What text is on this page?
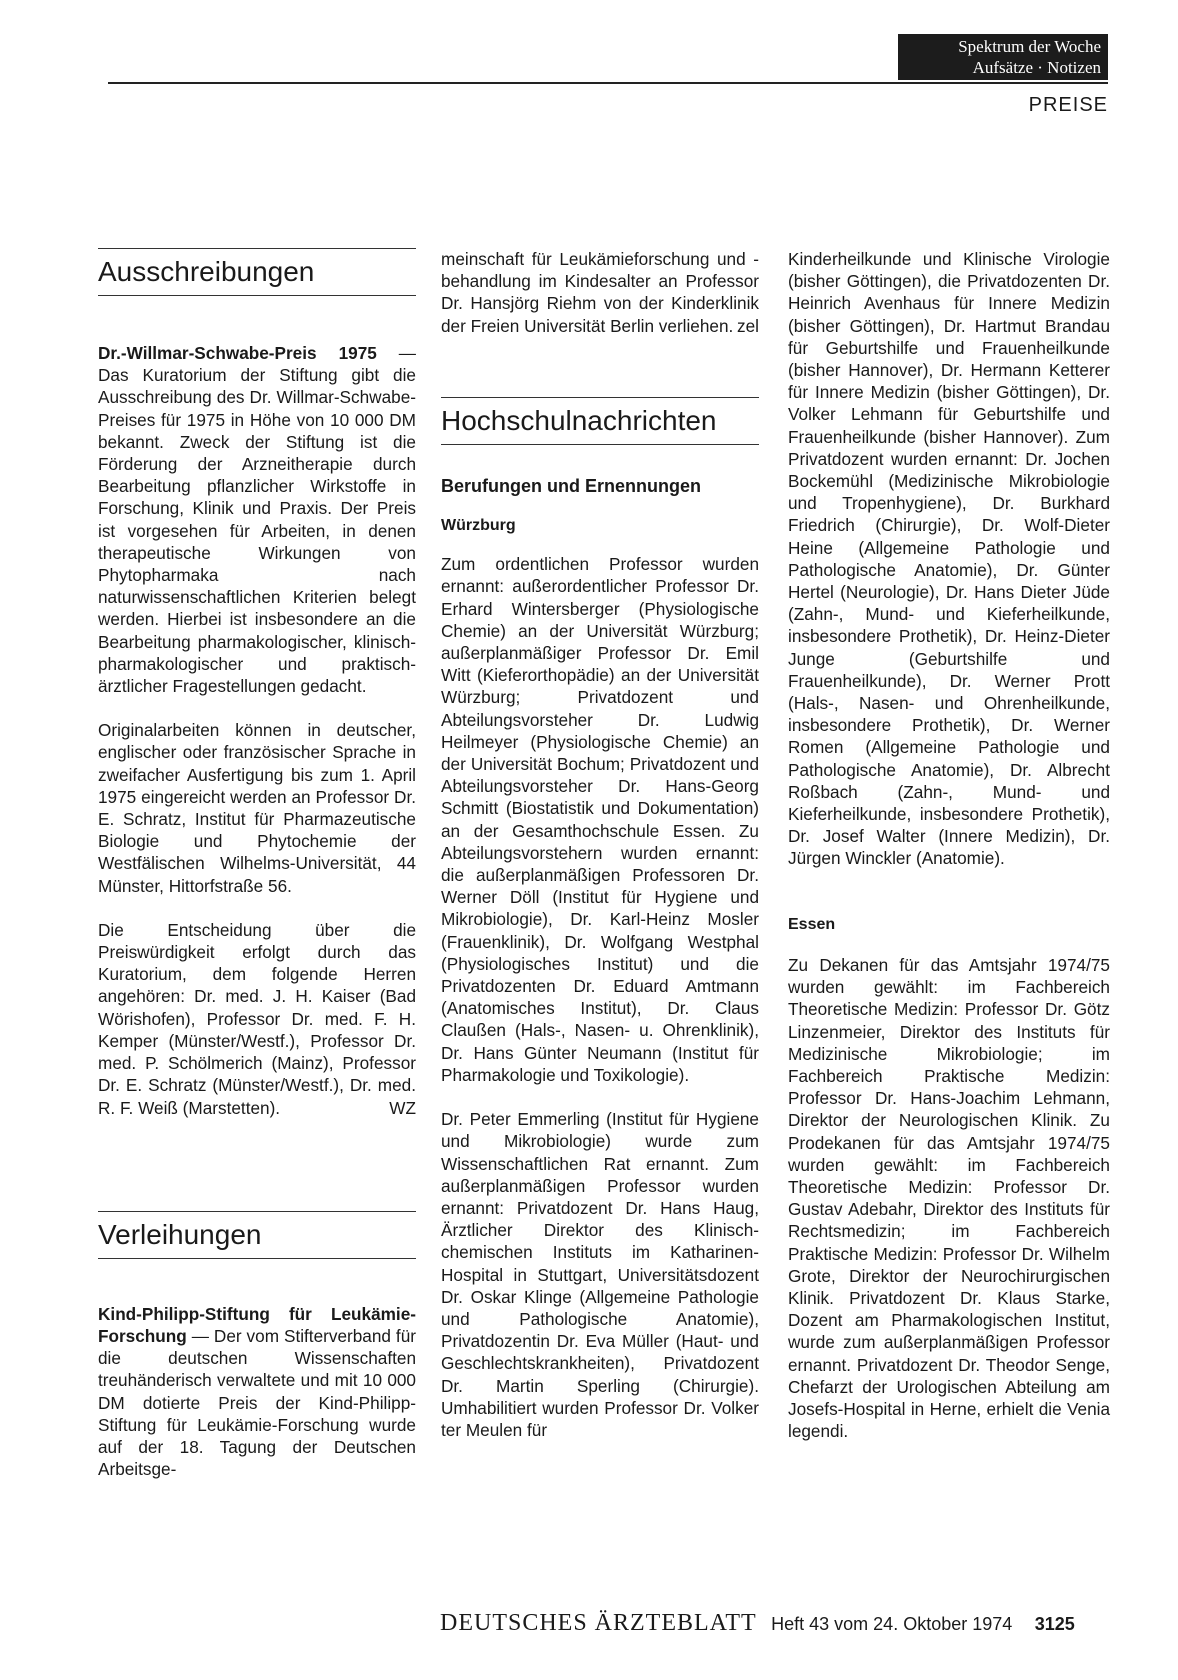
Spektrum der Woche
Aufsätze · Notizen
PREISE
Ausschreibungen

Dr.-Willmar-Schwabe-Preis 1975 — Das Kuratorium der Stiftung gibt die Ausschreibung des Dr. Willmar-Schwabe-Preises für 1975 in Höhe von 10 000 DM bekannt. Zweck der Stiftung ist die Förderung der Arzneitherapie durch Bearbeitung pflanzlicher Wirkstoffe in Forschung, Klinik und Praxis. Der Preis ist vorgesehen für Arbeiten, in denen therapeutische Wirkungen von Phytopharmaka nach naturwissenschaftlichen Kriterien belegt werden. Hierbei ist insbesondere an die Bearbeitung pharmakologischer, klinisch-pharmakologischer und praktisch-ärztlicher Fragestellungen gedacht.

Originalarbeiten können in deutscher, englischer oder französischer Sprache in zweifacher Ausfertigung bis zum 1. April 1975 eingereicht werden an Professor Dr. E. Schratz, Institut für Pharmazeutische Biologie und Phytochemie der Westfälischen Wilhelms-Universität, 44 Münster, Hittorfstraße 56.

Die Entscheidung über die Preiswürdigkeit erfolgt durch das Kuratorium, dem folgende Herren angehören: Dr. med. J. H. Kaiser (Bad Wörishofen), Professor Dr. med. F. H. Kemper (Münster/Westf.), Professor Dr. med. P. Schölmerich (Mainz), Professor Dr. E. Schratz (Münster/Westf.), Dr. med. R. F. Weiß (Marstetten).	WZ

Verleihungen

Kind-Philipp-Stiftung für Leukämie-Forschung — Der vom Stifterverband für die deutschen Wissenschaften treuhänderisch verwaltete und mit 10 000 DM dotierte Preis der Kind-Philipp-Stiftung für Leukämie-Forschung wurde auf der 18. Tagung der Deutschen Arbeitsge-

meinschaft für Leukämieforschung und -behandlung im Kindesalter an Professor Dr. Hansjörg Riehm von der Kinderklinik der Freien Universität Berlin verliehen. zel

Hochschulnachrichten
Berufungen und Ernennungen
Würzburg

Zum ordentlichen Professor wurden ernannt: außerordentlicher Professor Dr. Erhard Wintersberger (Physiologische Chemie) an der Universität Würzburg; außerplanmäßiger Professor Dr. Emil Witt (Kieferorthopädie) an der Universität Würzburg; Privatdozent und Abteilungsvorsteher Dr. Ludwig Heilmeyer (Physiologische Chemie) an der Universität Bochum; Privatdozent und Abteilungsvorsteher Dr. Hans-Georg Schmitt (Biostatistik und Dokumentation) an der Gesamthochschule Essen. Zu Abteilungsvorstehern wurden ernannt: die außerplanmäßigen Professoren Dr. Werner Döll (Institut für Hygiene und Mikrobiologie), Dr. Karl-Heinz Mosler (Frauenklinik), Dr. Wolfgang Westphal (Physiologisches Institut) und die Privatdozenten Dr. Eduard Amtmann (Anatomisches Institut), Dr. Claus Claußen (Hals-, Nasen- u. Ohrenklinik), Dr. Hans Günter Neumann (Institut für Pharmakologie und Toxikologie).

Dr. Peter Emmerling (Institut für Hygiene und Mikrobiologie) wurde zum Wissenschaftlichen Rat ernannt. Zum außerplanmäßigen Professor wurden ernannt: Privatdozent Dr. Hans Haug, Ärztlicher Direktor des Klinisch-chemischen Instituts im Katharinen-Hospital in Stuttgart, Universitätsdozent Dr. Oskar Klinge (Allgemeine Pathologie und Pathologische Anatomie), Privatdozentin Dr. Eva Müller (Haut- und Geschlechtskrankheiten), Privatdozent Dr. Martin Sperling (Chirurgie). Umhabilitiert wurden Professor Dr. Volker ter Meulen für

Kinderheilkunde und Klinische Virologie (bisher Göttingen), die Privatdozenten Dr. Heinrich Avenhaus für Innere Medizin (bisher Göttingen), Dr. Hartmut Brandau für Geburtshilfe und Frauenheilkunde (bisher Hannover), Dr. Hermann Ketterer für Innere Medizin (bisher Göttingen), Dr. Volker Lehmann für Geburtshilfe und Frauenheilkunde (bisher Hannover). Zum Privatdozent wurden ernannt: Dr. Jochen Bockemühl (Medizinische Mikrobiologie und Tropenhygiene), Dr. Burkhard Friedrich (Chirurgie), Dr. Wolf-Dieter Heine (Allgemeine Pathologie und Pathologische Anatomie), Dr. Günter Hertel (Neurologie), Dr. Hans Dieter Jüde (Zahn-, Mund- und Kieferheilkunde, insbesondere Prothetik), Dr. Heinz-Dieter Junge (Geburtshilfe und Frauenheilkunde), Dr. Werner Prott (Hals-, Nasen- und Ohrenheilkunde, insbesondere Prothetik), Dr. Werner Romen (Allgemeine Pathologie und Pathologische Anatomie), Dr. Albrecht Roßbach (Zahn-, Mund- und Kieferheilkunde, insbesondere Prothetik), Dr. Josef Walter (Innere Medizin), Dr. Jürgen Winckler (Anatomie).

Essen

Zu Dekanen für das Amtsjahr 1974/75 wurden gewählt: im Fachbereich Theoretische Medizin: Professor Dr. Götz Linzenmeier, Direktor des Instituts für Medizinische Mikrobiologie; im Fachbereich Praktische Medizin: Professor Dr. Hans-Joachim Lehmann, Direktor der Neurologischen Klinik. Zu Prodekanen für das Amtsjahr 1974/75 wurden gewählt: im Fachbereich Theoretische Medizin: Professor Dr. Gustav Adebahr, Direktor des Instituts für Rechtsmedizin; im Fachbereich Praktische Medizin: Professor Dr. Wilhelm Grote, Direktor der Neurochirurgischen Klinik. Privatdozent Dr. Klaus Starke, Dozent am Pharmakologischen Institut, wurde zum außerplanmäßigen Professor ernannt. Privatdozent Dr. Theodor Senge, Chefarzt der Urologischen Abteilung am Josefs-Hospital in Herne, erhielt die Venia legendi.

DEUTSCHES ÄRZTEBLATT Heft 43 vom 24. Oktober 1974 3125
